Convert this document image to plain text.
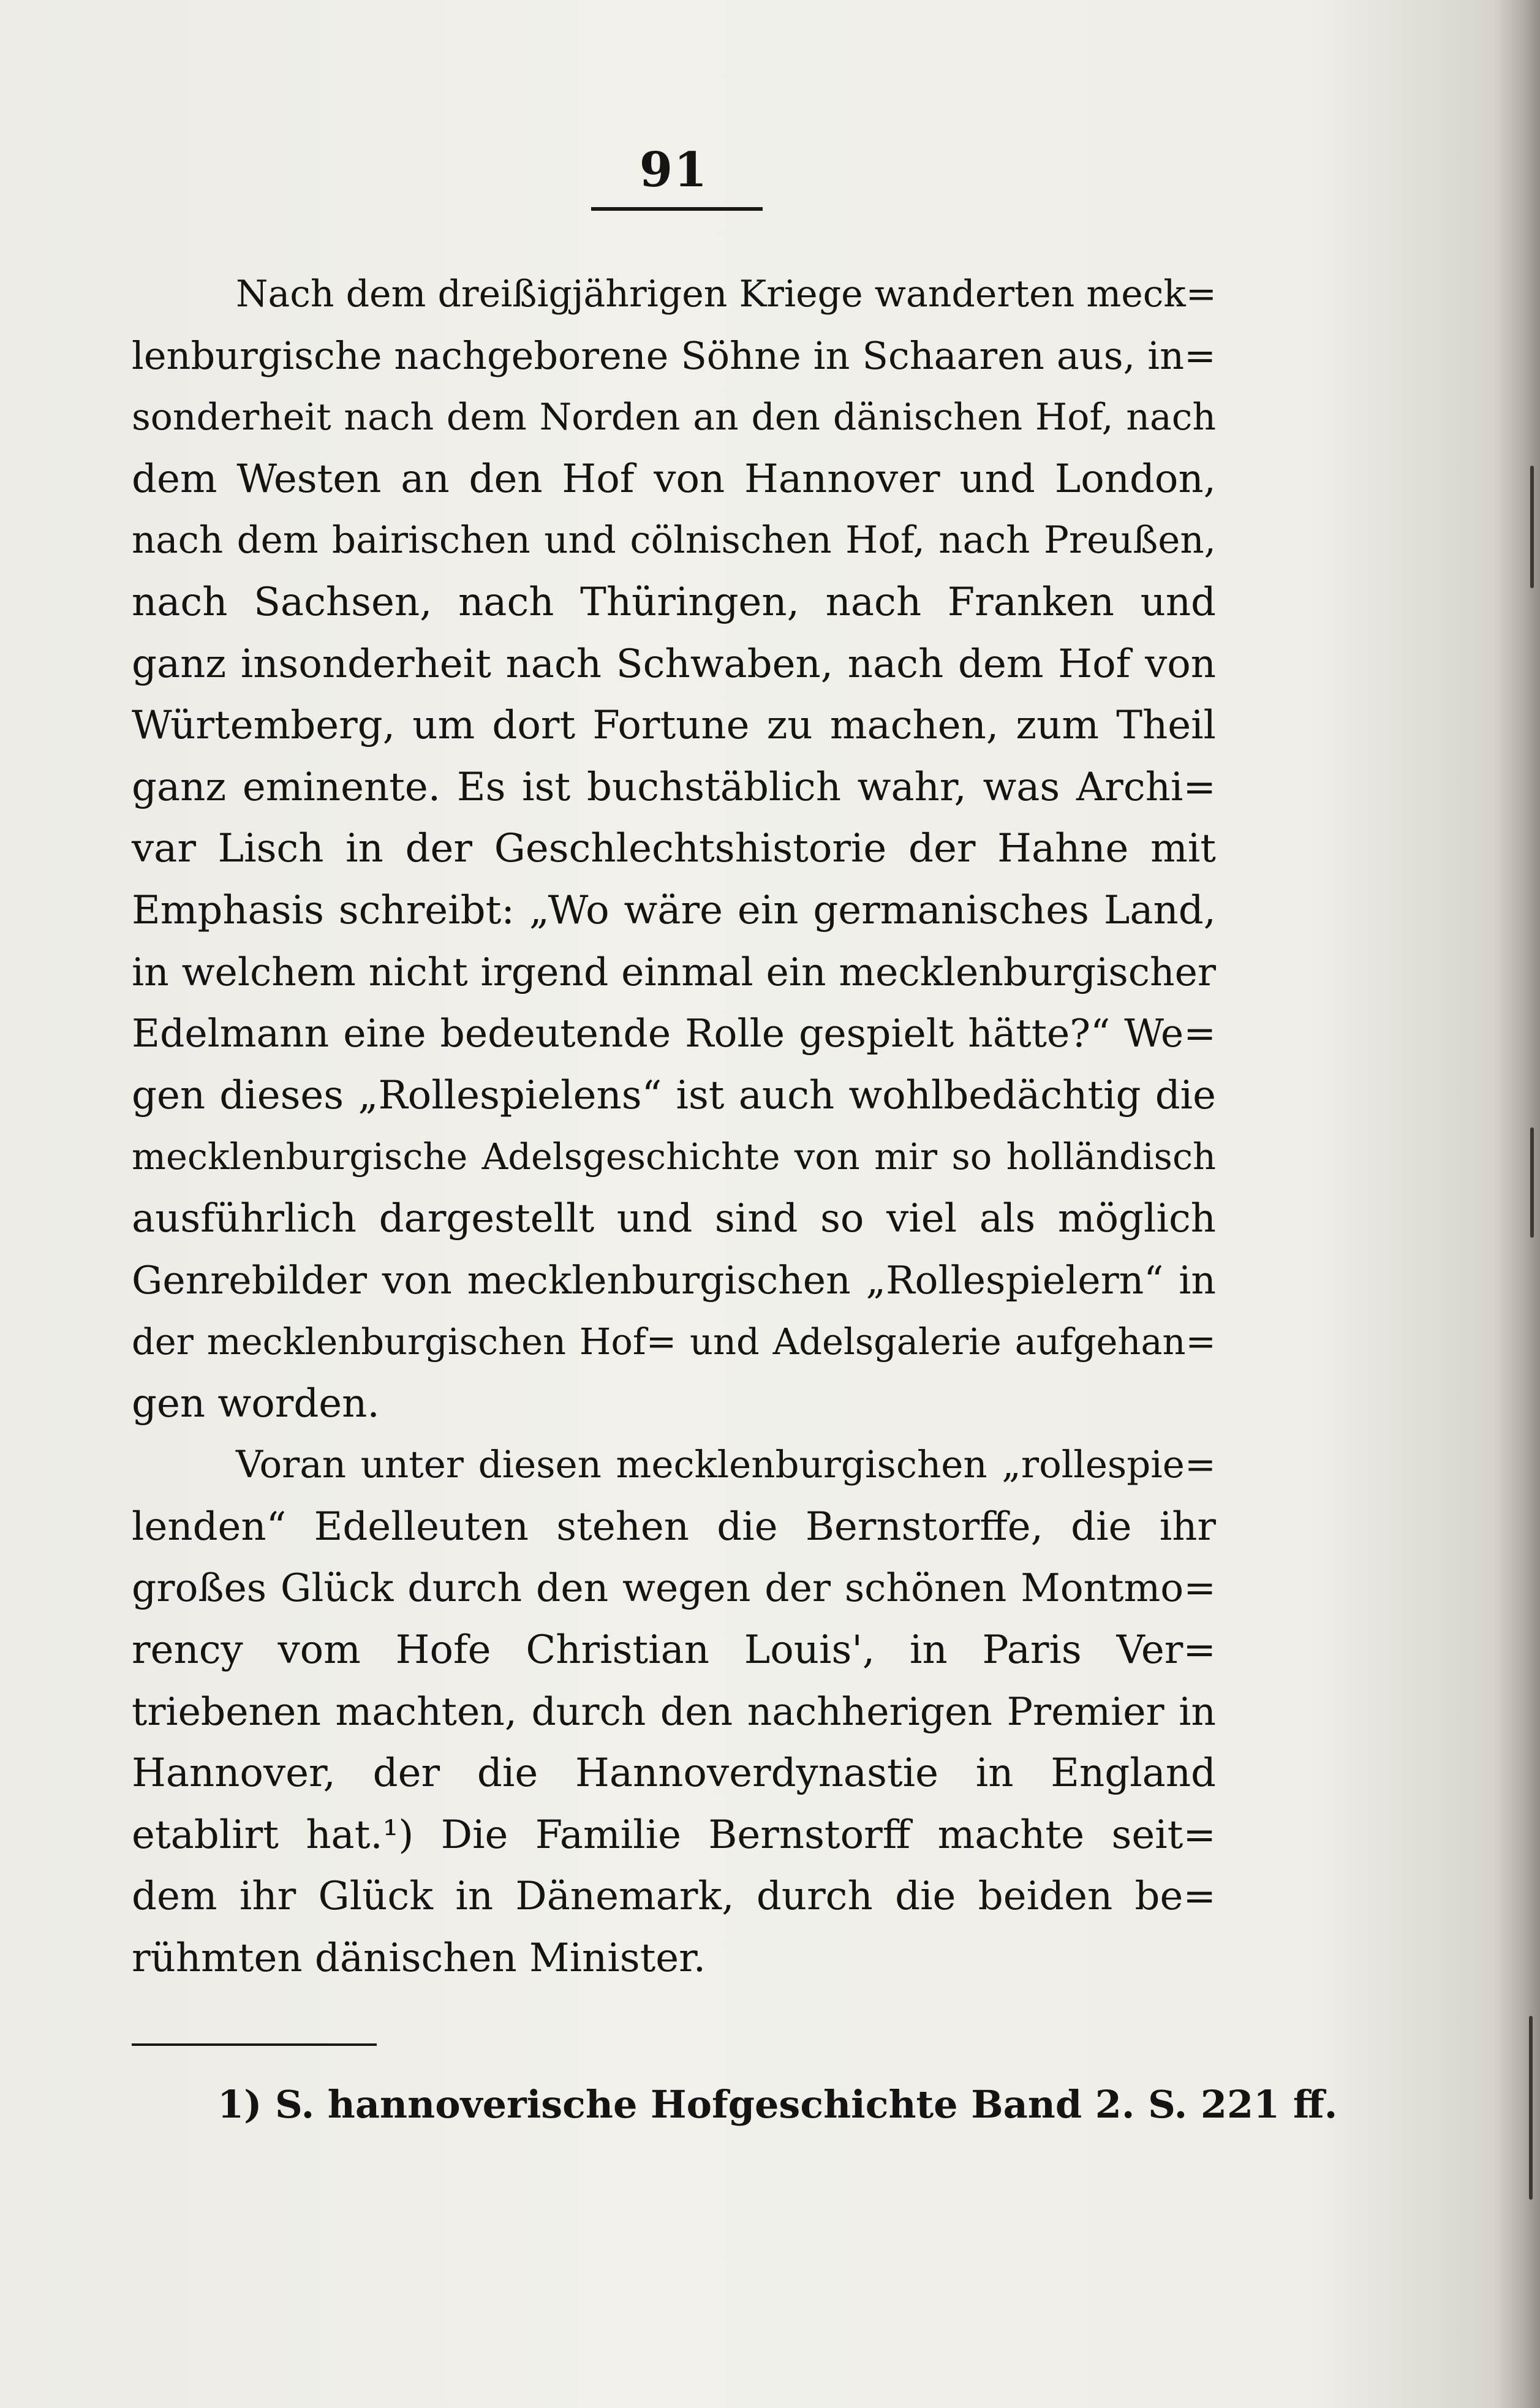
91
Nach dem dreißigjährigen Kriege wanderten meck=
lenburgische nachgeborene Söhne in Schaaren aus, in=
sonderheit nach dem Norden an den dänischen Hof, nach
dem Westen an den Hof von Hannover und London,
nach dem bairischen und cölnischen Hof, nach Preußen,
nach Sachsen, nach Thüringen, nach Franken und
ganz insonderheit nach Schwaben, nach dem Hof von
Würtemberg, um dort Fortune zu machen, zum Theil
ganz eminente. Es ist buchstäblich wahr, was Archi=
var Lisch in der Geschlechtshistorie der Hahne mit
Emphasis schreibt: „Wo wäre ein germanisches Land,
in welchem nicht irgend einmal ein mecklenburgischer
Edelmann eine bedeutende Rolle gespielt hätte?“ We=
gen dieses „Rollespielens“ ist auch wohlbedächtig die
mecklenburgische Adelsgeschichte von mir so holländisch
ausführlich dargestellt und sind so viel als möglich
Genrebilder von mecklenburgischen „Rollespielern“ in
der mecklenburgischen Hof= und Adelsgalerie aufgehan=
gen worden.
Voran unter diesen mecklenburgischen „rollespie=
lenden“ Edelleuten stehen die Bernstorffe, die ihr
großes Glück durch den wegen der schönen Montmo=
rency vom Hofe Christian Louis', in Paris Ver=
triebenen machten, durch den nachherigen Premier in
Hannover, der die Hannoverdynastie in England
etablirt hat.¹) Die Familie Bernstorff machte seit=
dem ihr Glück in Dänemark, durch die beiden be=
rühmten dänischen Minister.
1) S. hannoverische Hofgeschichte Band 2. S. 221 ff.
